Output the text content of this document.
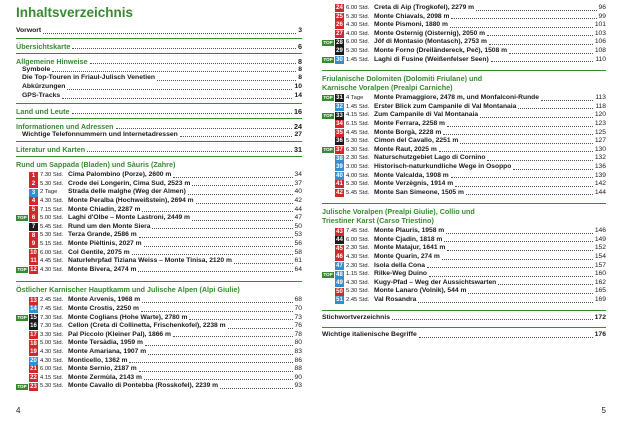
Inhaltsverzeichnis
Vorwort	3
Übersichtskarte	6
Allgemeine Hinweise	8
Symbole	8
Die Top-Touren in Friaul-Julisch Venetien	8
Abkürzungen	10
GPS-Tracks	14
Land und Leute	16
Informationen und Adressen	24
Wichtige Telefonnummern und Internetadressen	27
Literatur und Karten	31
Rund um Sappada (Bladen) und Sàuris (Zahre)
1 7.30 Std. Cima Palombino (Porze), 2600 m	34
2 5.30 Std. Crode dei Longerin, Cima Sud, 2523 m	37
3 2 Tage	Strada delle malghe (Weg der Almen)	40
4 4.30 Std. Monte Peralba (Hochweißstein), 2694 m	42
5 7.15 Std. Monte Chiadin, 2287 m	44
TOP 6 5.00 Std. Laghi d'Olbe – Monte Lastroni, 2449 m	47
7 5.45 Std. Rund um den Monte Siera	50
8 5.30 Std. Terza Grande, 2586 m	53
9 5.15 Std. Monte Pièltinis, 2027 m	56
10 6.00 Std. Col Gentile, 2075 m	58
11 4.45 Std. Naturlehrpfad Tiziana Weiss – Monte Tinisa, 2120 m	61
TOP 12 4.30 Std. Monte Bivera, 2474 m	64
Östlicher Karnischer Hauptkamm und Julische Alpen (Alpi Giulie)
13 2.45 Std. Monte Arvenis, 1968 m	68
14 7.45 Std. Monte Crostis, 2250 m	70
TOP 15 7.30 Std. Monte Coglians (Hohe Warte), 2780 m	73
16 7.30 Std. Cellon (Creta di Collinetta, Frischenkofel), 2238 m	76
17 3.30 Std. Pal Piccolo (Kleiner Pal), 1866 m	78
18 5.00 Std. Monte Tersàdia, 1959 m	80
19 4.30 Std. Monte Amariana, 1907 m	83
20 4.30 Std. Monticello, 1362 m	86
21 6.00 Std. Monte Sernio, 2187 m	88
22 4.15 Std. Monte Zermùla, 2143 m	90
TOP 23 5.30 Std. Monte Cavallo di Pontebba (Rosskofel), 2239 m	93
4
24 6.00 Std. Creta di Aip (Trogkofel), 2279 m	96
25 5.30 Std. Monte Chiavals, 2098 m	99
26 4.30 Std. Monte Pismoni, 1880 m	101
27 4.00 Std. Monte Osternig (Oisternig), 2050 m	103
TOP 28 6.00 Std. Jôf di Montasio (Montasch), 2753 m	106
29 5.30 Std. Monte Forno (Dreiländereck, Peč), 1508 m	108
TOP 30 1.45 Std. Laghi di Fusine (Weißenfelser Seen)	110
Friulanische Dolomiten (Dolomiti Friulane) und
Karnische Voralpen (Prealpi Carniche)
TOP 31 4 Tage	Monte Pramaggiore, 2478 m, und Monfalconi-Runde	113
32 1.45 Std. Erster Blick zum Campanile di Val Montanaia	118
TOP 33 4.15 Std. Zum Campanile di Val Montanaia	120
34 6.15 Std. Monte Ferrara, 2258 m	123
35 4.45 Std. Monte Borgà, 2228 m	125
36 5.30 Std. Cimon del Cavallo, 2251 m	127
TOP 37 6.30 Std. Monte Raut, 2025 m	130
38 2.30 Std. Naturschutzgebiet Lago di Cornino	132
39 3.00 Std. Historisch-naturkundliche Wege in Osoppo	136
40 4.00 Std. Monte Valcalda, 1908 m	139
41 5.30 Std. Monte Verzègnis, 1914 m	142
42 5.45 Std. Monte San Simeone, 1505 m	144
Julische Voralpen (Prealpi Giulie), Collio und
Triestiner Karst (Carso Triestino)
43 7.45 Std. Monte Plauris, 1958 m	146
44 6.00 Std. Monte Cjadin, 1818 m	149
45 2.30 Std. Monte Matajur, 1641 m	152
46 4.30 Std. Monte Quarin, 274 m	154
47 2.30 Std. Isola della Cona	157
TOP 48 1.15 Std. Rilke-Weg Duino	160
49 4.30 Std. Kugy-Pfad – Weg der Aussichtswarten	162
50 5.30 Std. Monte Lanaro (Volnik), 544 m	165
51 2.45 Std. Val Rosandra	169
Stichwortverzeichnis	172
Wichtige italienische Begriffe	176
5
